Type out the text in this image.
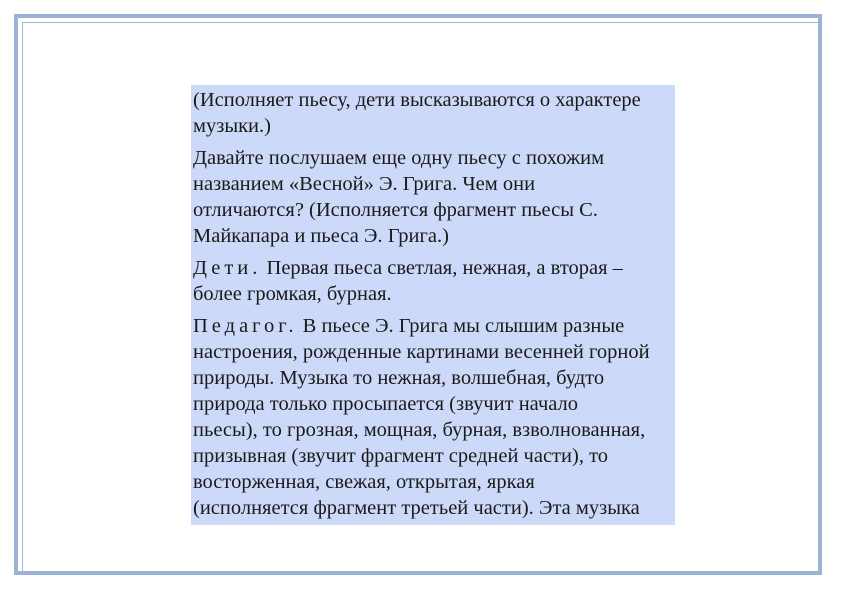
(Исполняет пьесу, дети высказываются о характере
музыки.)

Давайте послушаем еще одну пьесу с похожим
названием «Весной» Э. Грига. Чем они
отличаются? (Исполняется фрагмент пьесы С.
Майкапара и пьеса Э. Грига.)

Дети. Первая пьеса светлая, нежная, а вторая –
более громкая, бурная.

Педагог. В пьесе Э. Грига мы слышим разные
настроения, рожденные картинами весенней горной
природы. Музыка то нежная, волшебная, будто
природа только просыпается (звучит начало
пьесы), то грозная, мощная, бурная, взволнованная,
призывная (звучит фрагмент средней части), то
восторженная, свежая, открытая, яркая
(исполняется фрагмент третьей части). Эта музыка
